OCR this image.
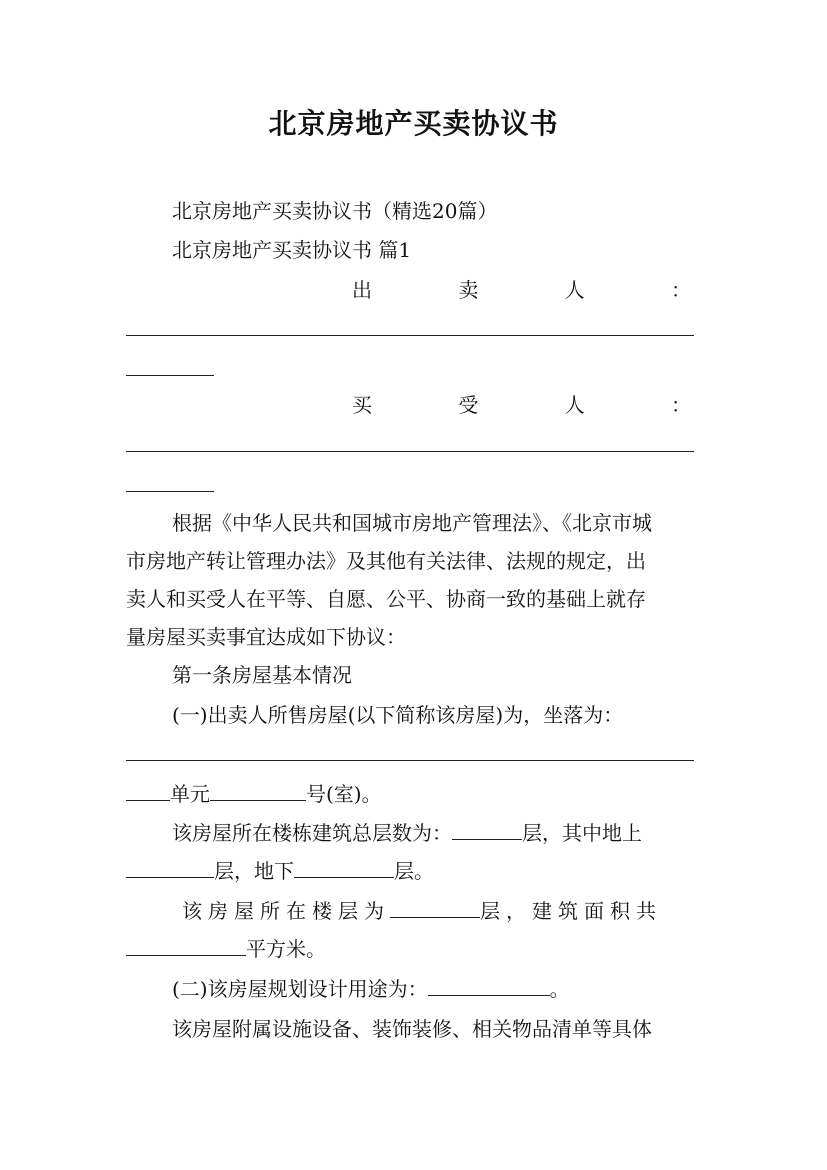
北京房地产买卖协议书
北京房地产买卖协议书（精选20篇）
北京房地产买卖协议书 篇1
出	卖	人	：
买	受	人	：
根据《中华人民共和国城市房地产管理法》、《北京市城
市房地产转让管理办法》及其他有关法律、法规的规定，出
卖人和买受人在平等、自愿、公平、协商一致的基础上就存
量房屋买卖事宜达成如下协议：
第一条房屋基本情况
(一)出卖人所售房屋(以下简称该房屋)为，坐落为：
单元	号(室)。
该房屋所在楼栋建筑总层数为：	层，其中地上
层，地下	层。
该房屋所在楼层为	层，建筑面积共
平方米。
(二)该房屋规划设计用途为：	。
该房屋附属设施设备、装饰装修、相关物品清单等具体
